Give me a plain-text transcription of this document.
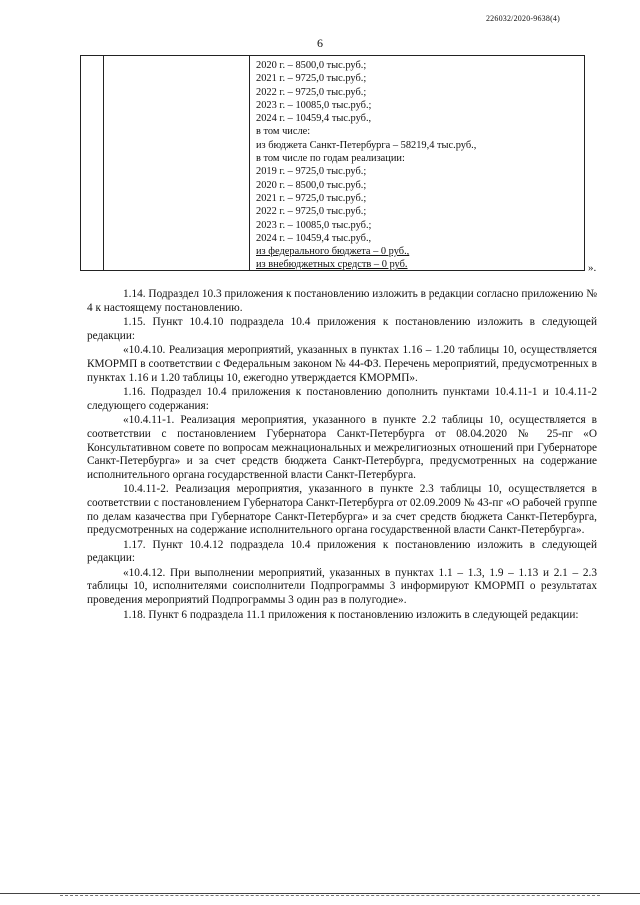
226032/2020-9638(4)
6
2020 г. – 8500,0 тыс.руб.;
2021 г. – 9725,0 тыс.руб.;
2022 г. – 9725,0 тыс.руб.;
2023 г. – 10085,0 тыс.руб.;
2024 г. – 10459,4 тыс.руб.,
в том числе:
из бюджета Санкт-Петербурга – 58219,4 тыс.руб.,
в том числе по годам реализации:
2019 г. – 9725,0 тыс.руб.;
2020 г. – 8500,0 тыс.руб.;
2021 г. – 9725,0 тыс.руб.;
2022 г. – 9725,0 тыс.руб.;
2023 г. – 10085,0 тыс.руб.;
2024 г. – 10459,4 тыс.руб.,
из федерального бюджета – 0 руб.,
из внебюджетных средств – 0 руб.	».

1.14. Подраздел 10.3 приложения к постановлению изложить в редакции согласно приложению № 4 к настоящему постановлению.

1.15. Пункт 10.4.10 подраздела 10.4 приложения к постановлению изложить в следующей редакции:

«10.4.10. Реализация мероприятий, указанных в пунктах 1.16 – 1.20 таблицы 10, осуществляется КМОРМП в соответствии с Федеральным законом № 44-ФЗ. Перечень мероприятий, предусмотренных в пунктах 1.16 и 1.20 таблицы 10, ежегодно утверждается КМОРМП».

1.16. Подраздел 10.4 приложения к постановлению дополнить пунктами 10.4.11-1 и 10.4.11-2 следующего содержания:

«10.4.11-1. Реализация мероприятия, указанного в пункте 2.2 таблицы 10, осуществляется в соответствии с постановлением Губернатора Санкт-Петербурга от 08.04.2020 № 25-пг «О Консультативном совете по вопросам межнациональных и межрелигиозных отношений при Губернаторе Санкт-Петербурга» и за счет средств бюджета Санкт-Петербурга, предусмотренных на содержание исполнительного органа государственной власти Санкт-Петербурга.

10.4.11-2. Реализация мероприятия, указанного в пункте 2.3 таблицы 10, осуществляется в соответствии с постановлением Губернатора Санкт-Петербурга от 02.09.2009 № 43-пг «О рабочей группе по делам казачества при Губернаторе Санкт-Петербурга» и за счет средств бюджета Санкт-Петербурга, предусмотренных на содержание исполнительного органа государственной власти Санкт-Петербурга».

1.17. Пункт 10.4.12 подраздела 10.4 приложения к постановлению изложить в следующей редакции:

«10.4.12. При выполнении мероприятий, указанных в пунктах 1.1 – 1.3, 1.9 – 1.13 и 2.1 – 2.3 таблицы 10, исполнителями соисполнители Подпрограммы 3 информируют КМОРМП о результатах проведения мероприятий Подпрограммы 3 один раз в полугодие».

1.18. Пункт 6 подраздела 11.1 приложения к постановлению изложить в следующей редакции:
